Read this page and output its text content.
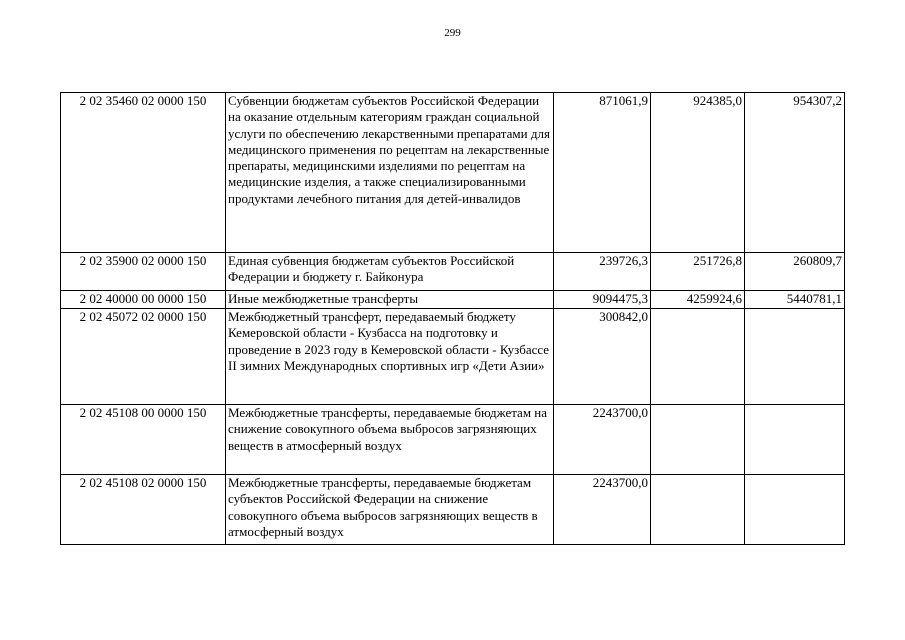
299
2 02 35460 02 0000 150	Субвенции бюджетам субъектов Российской Федерации на оказание отдельным категориям граждан социальной услуги по обеспечению лекарственными препаратами для медицинского применения по рецептам на лекарственные препараты, медицинскими изделиями по рецептам на медицинские изделия, а также специализированными продуктами лечебного питания для детей-инвалидов	871061,9	924385,0	954307,2
2 02 35900 02 0000 150	Единая субвенция бюджетам субъектов Российской Федерации и бюджету г. Байконура	239726,3	251726,8	260809,7
2 02 40000 00 0000 150	Иные межбюджетные трансферты	9094475,3	4259924,6	5440781,1
2 02 45072 02 0000 150	Межбюджетный трансферт, передаваемый бюджету Кемеровской области - Кузбасса на подготовку и проведение в 2023 году в Кемеровской области - Кузбассе II зимних Международных спортивных игр «Дети Азии»	300842,0		
2 02 45108 00 0000 150	Межбюджетные трансферты, передаваемые бюджетам на снижение совокупного объема выбросов загрязняющих веществ в атмосферный воздух	2243700,0		
2 02 45108 02 0000 150	Межбюджетные трансферты, передаваемые бюджетам субъектов Российской Федерации на снижение совокупного объема выбросов загрязняющих веществ в атмосферный воздух	2243700,0		
